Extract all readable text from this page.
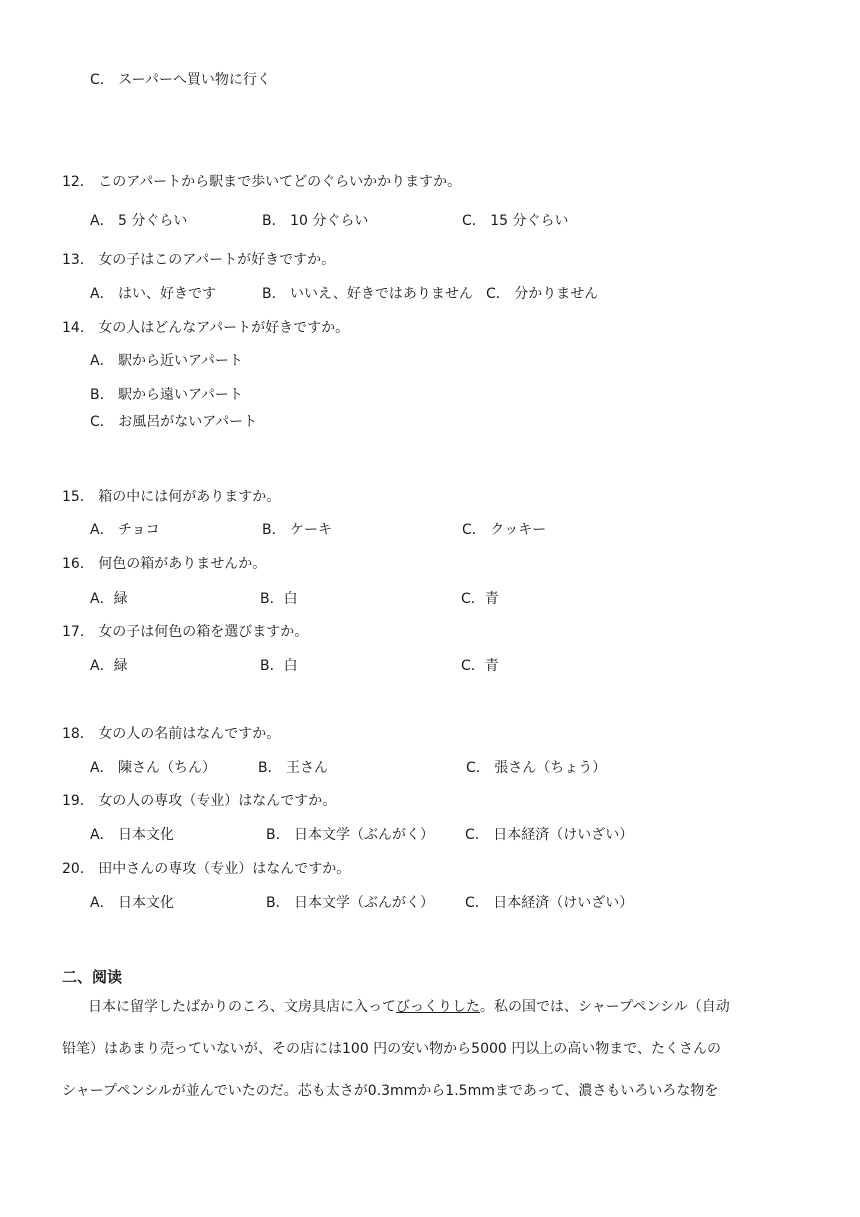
C． スーパーへ買い物に行く
12． このアパートから駅まで歩いてどのぐらいかかりますか。
A． 5 分ぐらい	B． 10 分ぐらい	C． 15 分ぐらい
13． 女の子はこのアパートが好きですか。
A． はい、好きです	B． いいえ、好きではありません C． 分かりません
14． 女の人はどんなアパートが好きですか。
A． 駅から近いアパート
B． 駅から遠いアパート
C． お風呂がないアパート
15． 箱の中には何がありますか。
A． チョコ	B． ケーキ	C． クッキー
16． 何色の箱がありませんか。
A．緑	B．白	C．青
17． 女の子は何色の箱を選びますか。
A．緑	B．白	C．青
18． 女の人の名前はなんですか。
A． 陳さん（ちん）	B． 王さん	C． 張さん（ちょう）
19． 女の人の専攻（专业）はなんですか。
A． 日本文化	B． 日本文学（ぶんがく） C． 日本経済（けいざい）
20． 田中さんの専攻（专业）はなんですか。
A． 日本文化	B． 日本文学（ぶんがく） C． 日本経済（けいざい）
二、阅读
日本に留学したばかりのころ、文房具店に入ってびっくりした。私の国では、シャープペンシル（自动
铅笔）はあまり売っていないが、その店には100 円の安い物から5000 円以上の高い物まで、たくさんの
シャープペンシルが並んでいたのだ。芯も太さが0.3mmから1.5mmまであって、濃さもいろいろな物を
